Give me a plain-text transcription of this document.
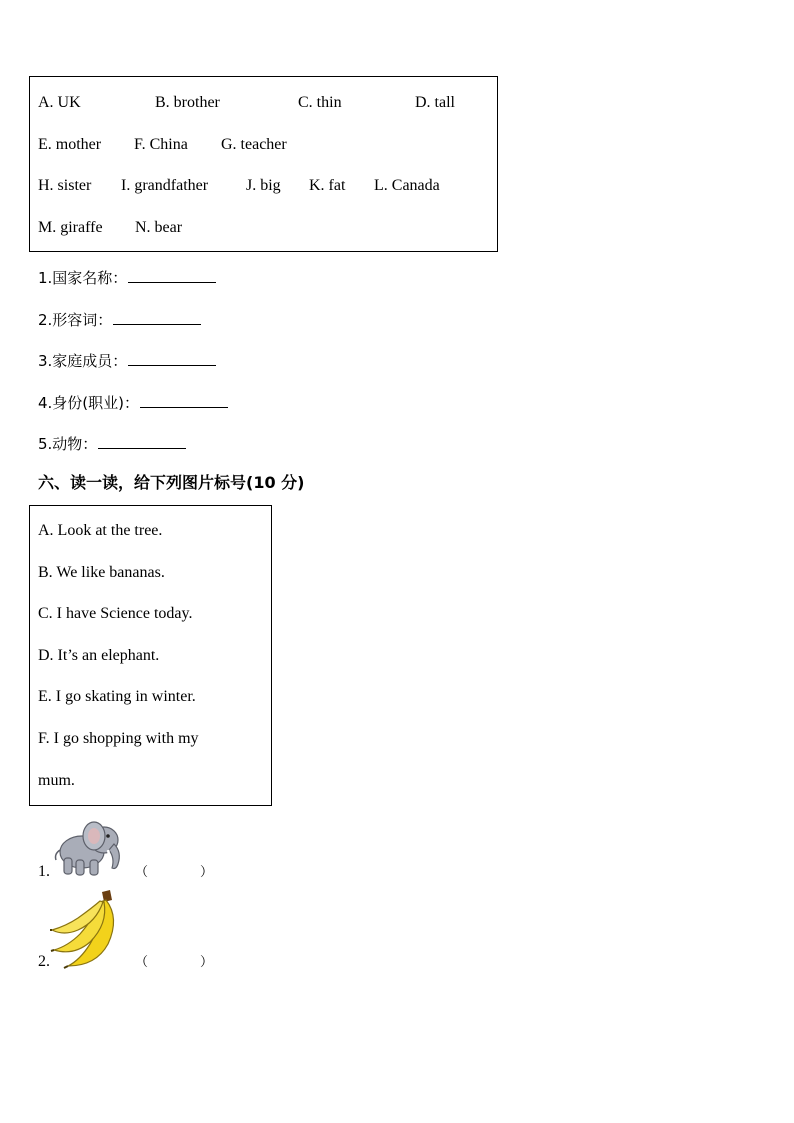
A. UK	B. brother	C. thin	D. tall
E. mother F. China G. teacher
H. sister I. grandfather J. big K. fat L. Canada
M. giraffe N. bear
1.国家名称：
2.形容词：
3.家庭成员：
4.身份(职业)：
5.动物：
六、读一读，给下列图片标号(10 分)
A. Look at the tree.
B. We like bananas.
C. I have Science today.
D. It’s an elephant.
E. I go skating in winter.
F. I go shopping with my
mum.
1.	（	）
2.	（	）
